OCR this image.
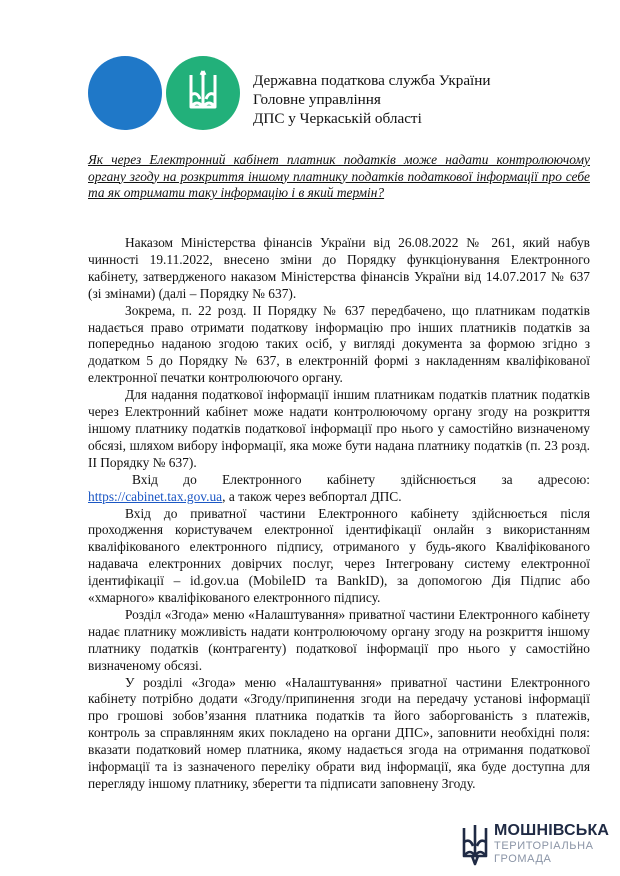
Державна податкова служба України
Головне управління
ДПС у Черкаській області
Як через Електронний кабінет платник податків може надати контролюючому органу згоду на розкриття іншому платнику податків податкової інформації про себе та як отримати таку інформацію і в який термін?

Наказом Міністерства фінансів України від 26.08.2022 № 261, який набув чинності 19.11.2022, внесено зміни до Порядку функціонування Електронного кабінету, затвердженого наказом Міністерства фінансів України від 14.07.2017 № 637 (зі змінами) (далі – Порядку № 637).

Зокрема, п. 22 розд. ІІ Порядку № 637 передбачено, що платникам податків надається право отримати податкову інформацію про інших платників податків за попередньо наданою згодою таких осіб, у вигляді документа за формою згідно з додатком 5 до Порядку № 637, в електронній формі з накладенням кваліфікованої електронної печатки контролюючого органу.

Для надання податкової інформації іншим платникам податків платник податків через Електронний кабінет може надати контролюючому органу згоду на розкриття іншому платнику податків податкової інформації про нього у самостійно визначеному обсязі, шляхом вибору інформації, яка може бути надана платнику податків (п. 23 розд. ІІ Порядку № 637).

Вхід до Електронного кабінету здійснюється за адресою: https://cabinet.tax.gov.ua, а також через вебпортал ДПС.

Вхід до приватної частини Електронного кабінету здійснюється після проходження користувачем електронної ідентифікації онлайн з використанням кваліфікованого електронного підпису, отриманого у будь-якого Кваліфікованого надавача електронних довірчих послуг, через Інтегровану систему електронної ідентифікації – id.gov.ua (MobileID та BankID), за допомогою Дія Підпис або «хмарного» кваліфікованого електронного підпису.

Розділ «Згода» меню «Налаштування» приватної частини Електронного кабінету надає платнику можливість надати контролюючому органу згоду на розкриття іншому платнику податків (контрагенту) податкової інформації про нього у самостійно визначеному обсязі.

У розділі «Згода» меню «Налаштування» приватної частини Електронного кабінету потрібно додати «Згоду/припинення згоди на передачу установі інформації про грошові зобов’язання платника податків та його заборгованість з платежів, контроль за справлянням яких покладено на органи ДПС», заповнити необхідні поля: вказати податковий номер платника, якому надається згода на отримання податкової інформації та із зазначеного переліку обрати вид інформації, яка буде доступна для перегляду іншому платнику, зберегти та підписати заповнену Згоду.

МОШНІВСЬКА
ТЕРИТОРІАЛЬНА
ГРОМАДА
